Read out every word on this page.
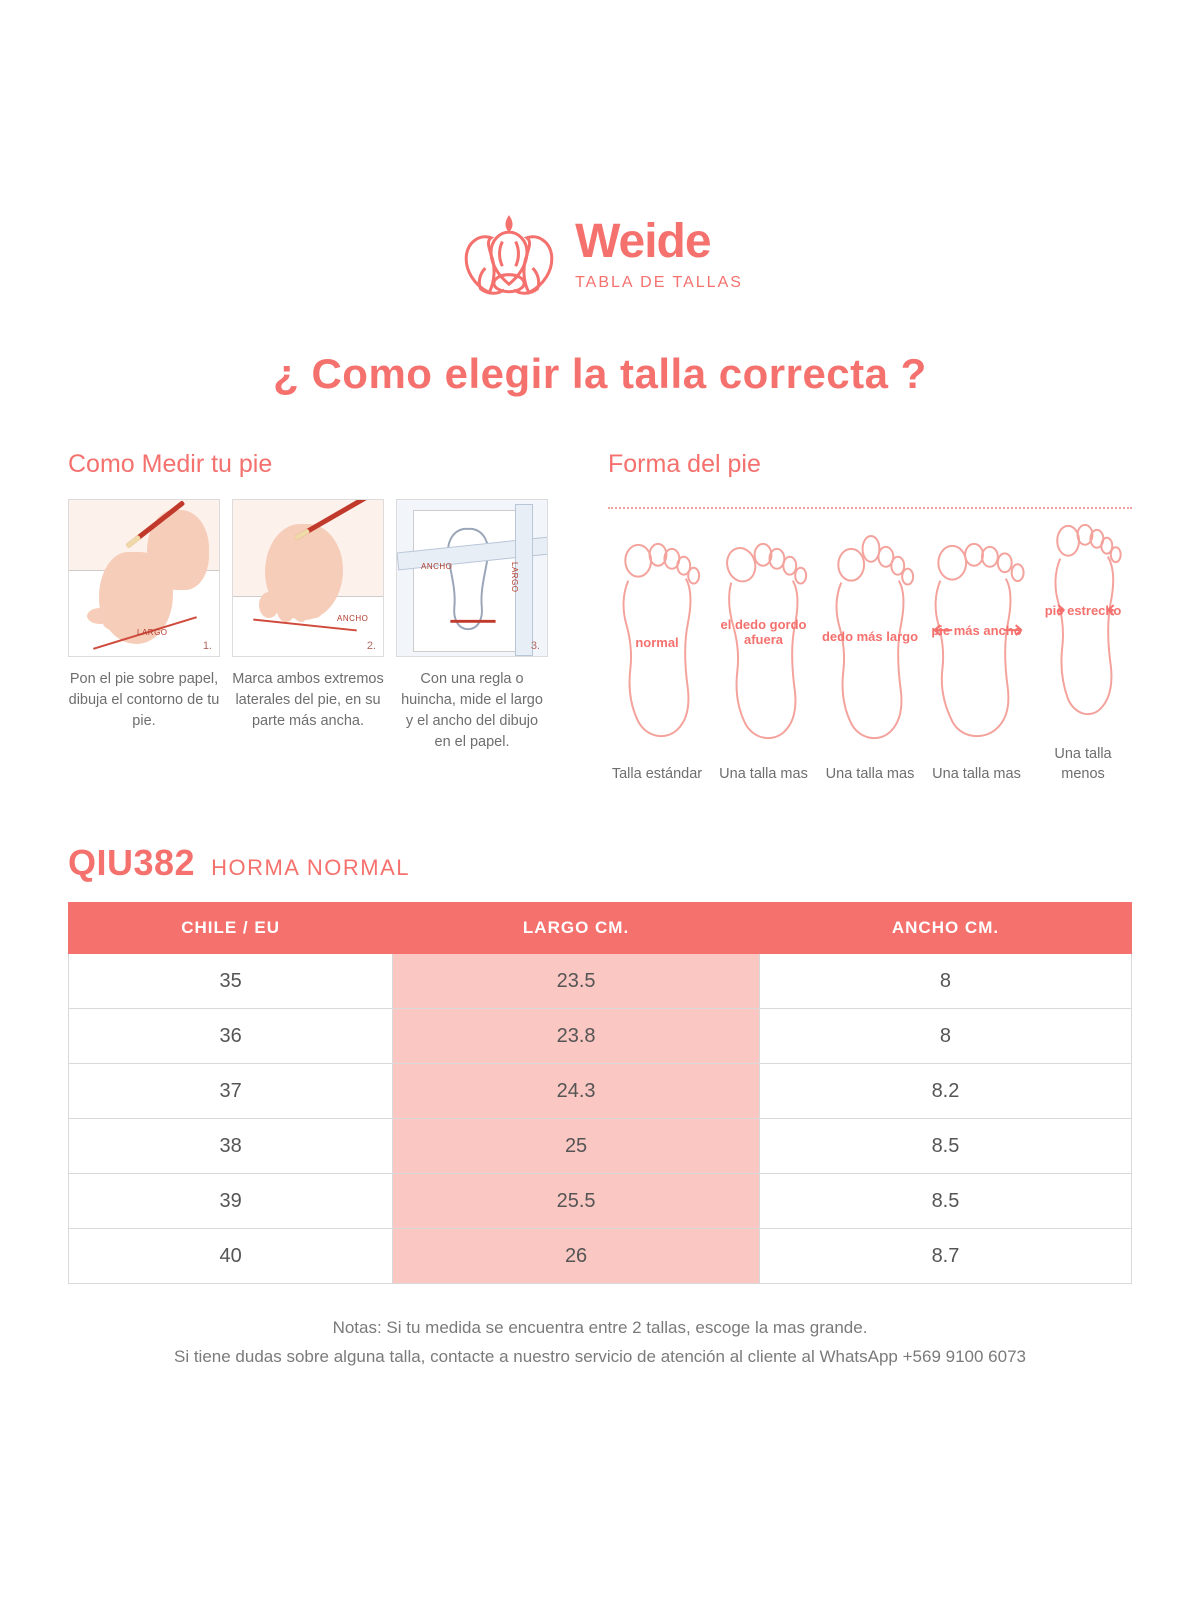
Weide
TABLA DE TALLAS
¿ Como elegir la talla correcta ?
Como Medir tu pie
LARGO
1.
Pon el pie sobre papel, dibuja el contorno de tu pie.
ANCHO
2.
Marca ambos extremos laterales del pie, en su parte más ancha.
ANCHO	LARGO
3.
Con una regla o huincha, mide el largo y el ancho del dibujo en el papel.
Forma del pie
normal
Talla estándar
el dedo gordo afuera
Una talla mas
dedo más largo
Una talla mas
pie más ancho
Una talla mas
pie estrecho
Una talla menos
QIU382 HORMA NORMAL
CHILE / EU	LARGO CM.	ANCHO CM.
35	23.5	8
36	23.8	8
37	24.3	8.2
38	25	8.5
39	25.5	8.5
40	26	8.7
Notas: Si tu medida se encuentra entre 2 tallas, escoge la mas grande.
Si tiene dudas sobre alguna talla, contacte a nuestro servicio de atención al cliente al WhatsApp +569 9100 6073
